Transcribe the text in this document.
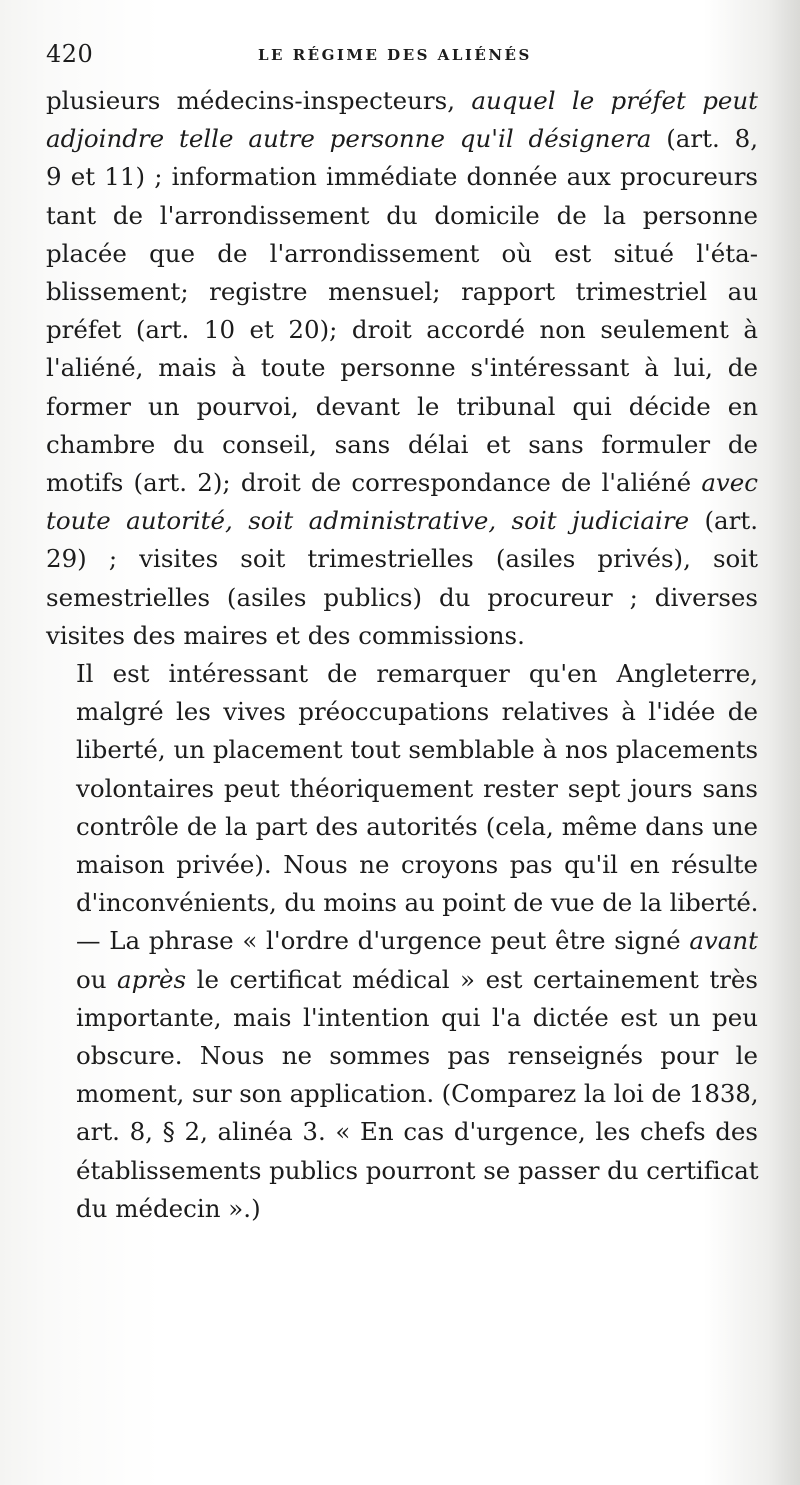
420	LE RÉGIME DES ALIÉNÉS

plusieurs médecins-inspecteurs, auquel le préfet peut
adjoindre telle autre personne qu'il désignera (art. 8,
9 et 11) ; information immédiate donnée aux procureurs
tant de l'arrondissement du domicile de la personne
placée que de l'arrondissement où est situé l'éta-
blissement; registre mensuel; rapport trimestriel au
préfet (art. 10 et 20); droit accordé non seulement à
l'aliéné, mais à toute personne s'intéressant à lui, de
former un pourvoi, devant le tribunal qui décide en
chambre du conseil, sans délai et sans formuler de
motifs (art. 2); droit de correspondance de l'aliéné avec
toute autorité, soit administrative, soit judiciaire (art.
29) ; visites soit trimestrielles (asiles privés), soit
semestrielles (asiles publics) du procureur ; diverses
visites des maires et des commissions.

Il est intéressant de remarquer qu'en Angleterre,
malgré les vives préoccupations relatives à l'idée de
liberté, un placement tout semblable à nos placements
volontaires peut théoriquement rester sept jours sans
contrôle de la part des autorités (cela, même dans une
maison privée). Nous ne croyons pas qu'il en résulte
d'inconvénients, du moins au point de vue de la liberté.
— La phrase « l'ordre d'urgence peut être signé avant
ou après le certificat médical » est certainement très
importante, mais l'intention qui l'a dictée est un peu
obscure. Nous ne sommes pas renseignés pour le
moment, sur son application. (Comparez la loi de 1838,
art. 8, § 2, alinéa 3. « En cas d'urgence, les chefs des
établissements publics pourront se passer du certificat
du médecin ».)
